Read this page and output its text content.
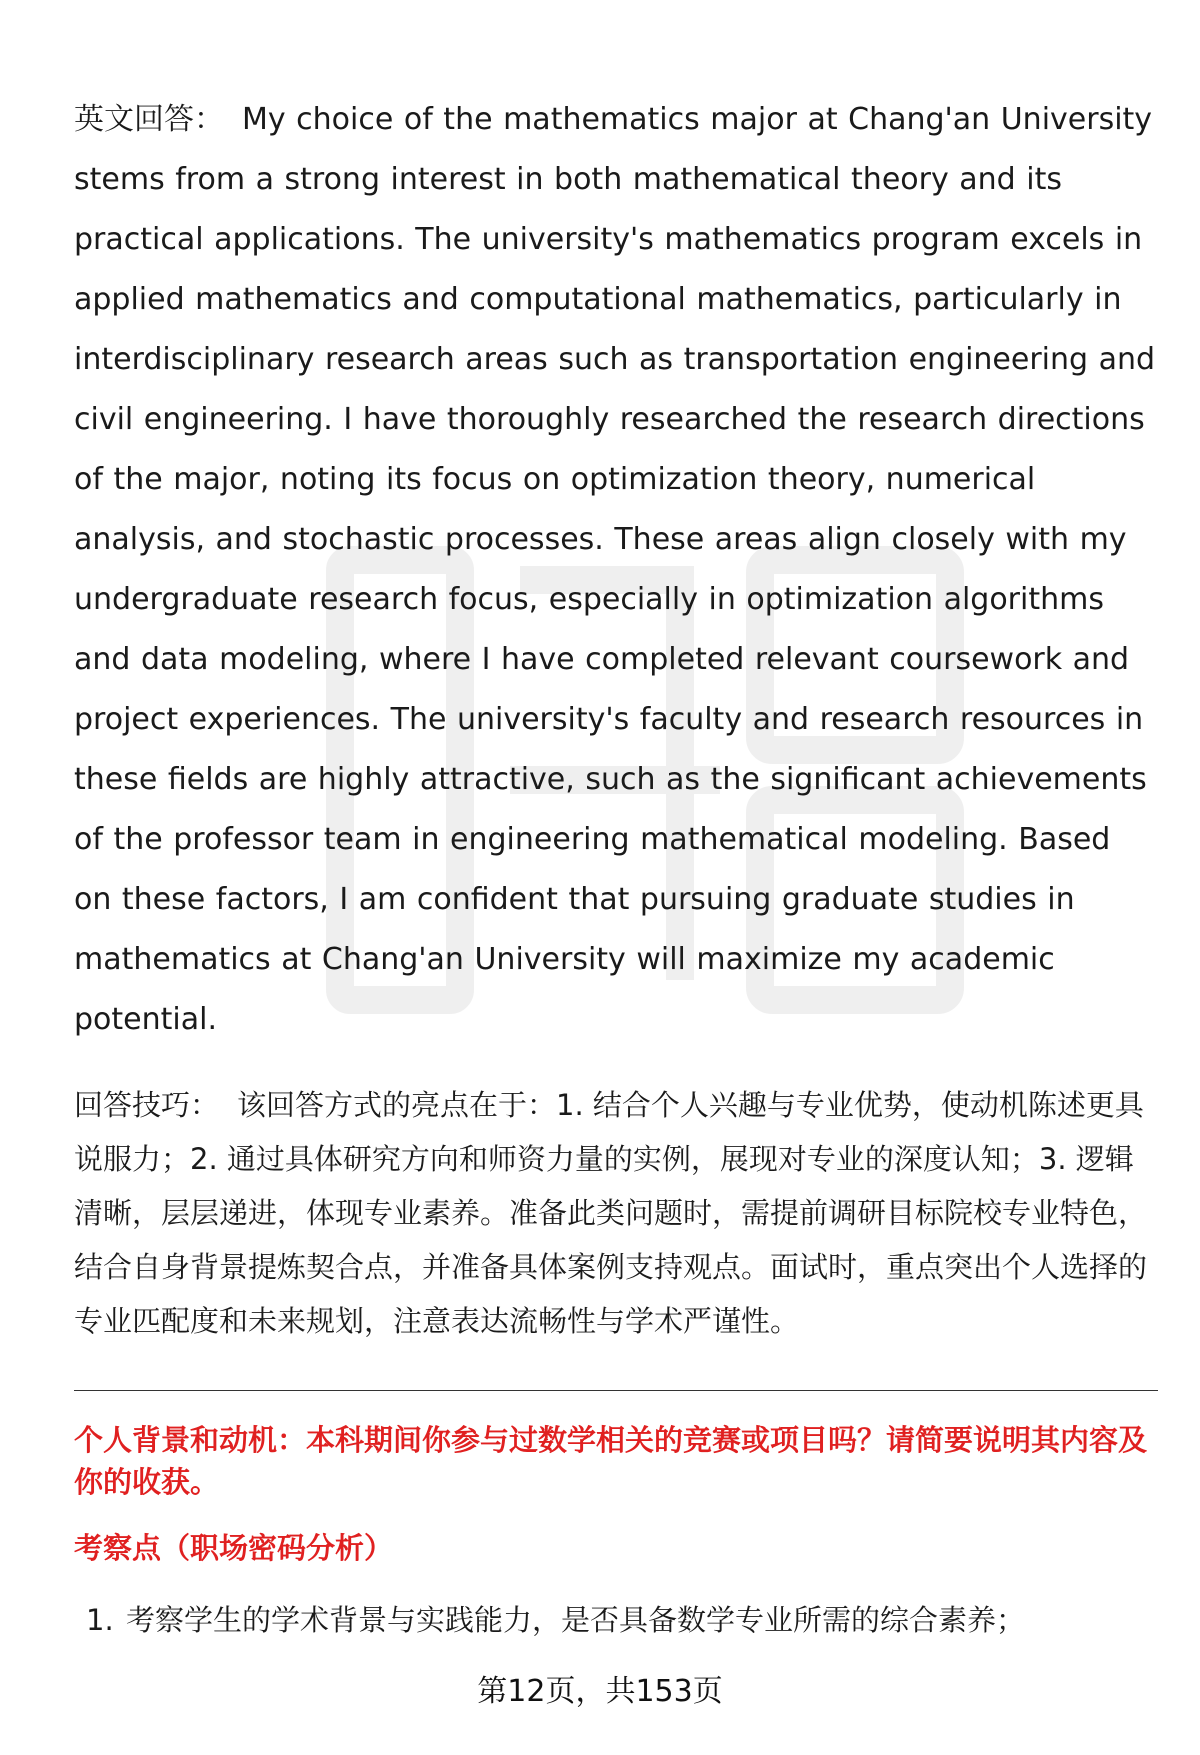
英文回答： My choice of the mathematics major at Chang'an University stems from a strong interest in both mathematical theory and its practical applications. The university's mathematics program excels in applied mathematics and computational mathematics, particularly in interdisciplinary research areas such as transportation engineering and civil engineering. I have thoroughly researched the research directions of the major, noting its focus on optimization theory, numerical analysis, and stochastic processes. These areas align closely with my undergraduate research focus, especially in optimization algorithms and data modeling, where I have completed relevant coursework and project experiences. The university's faculty and research resources in these fields are highly attractive, such as the significant achievements of the professor team in engineering mathematical modeling. Based on these factors, I am confident that pursuing graduate studies in mathematics at Chang'an University will maximize my academic potential.

回答技巧： 该回答方式的亮点在于：1. 结合个人兴趣与专业优势，使动机陈述更具说服力；2. 通过具体研究方向和师资力量的实例，展现对专业的深度认知；3. 逻辑清晰，层层递进，体现专业素养。准备此类问题时，需提前调研目标院校专业特色，结合自身背景提炼契合点，并准备具体案例支持观点。面试时，重点突出个人选择的专业匹配度和未来规划，注意表达流畅性与学术严谨性。

个人背景和动机：本科期间你参与过数学相关的竞赛或项目吗？请简要说明其内容及你的收获。
考察点（职场密码分析）
1. 考察学生的学术背景与实践能力，是否具备数学专业所需的综合素养；
第12页，共153页
